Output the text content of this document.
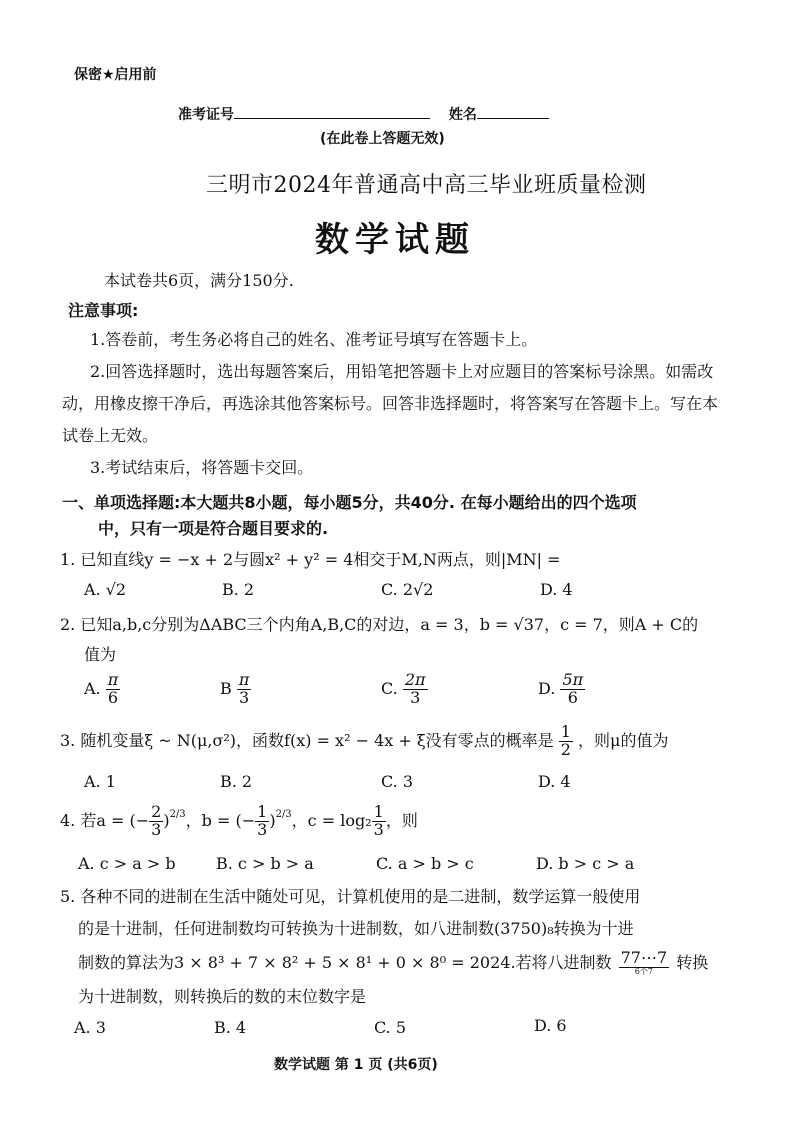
保密★启用前
准考证号	姓名
(在此卷上答题无效)
三明市2024年普通高中高三毕业班质量检测
数学试题
本试卷共6页，满分150分.
注意事项:
1.答卷前，考生务必将自己的姓名、准考证号填写在答题卡上。
2.回答选择题时，选出每题答案后，用铅笔把答题卡上对应题目的答案标号涂黑。如需改动，用橡皮擦干净后，再选涂其他答案标号。回答非选择题时，将答案写在答题卡上。写在本试卷上无效。
3.考试结束后，将答题卡交回。
一、单项选择题:本大题共8小题，每小题5分，共40分. 在每小题给出的四个选项
中，只有一项是符合题目要求的.
1. 已知直线y = −x + 2与圆x² + y² = 4相交于M,N两点，则|MN| =
A. √2	B. 2	C. 2√2	D. 4
2. 已知a,b,c分别为ΔABC三个内角A,B,C的对边，a = 3，b = √37，c = 7，则A + C的
值为
A. $\frac{\pi}{6}$	B $\frac{\pi}{3}$	C. $\frac{2\pi}{3}$	D. $\frac{5\pi}{6}$
3. 随机变量ξ ~ N(μ,σ²)，函数f(x) = x² − 4x + ξ没有零点的概率是 $\frac{1}{2}$ ，则μ的值为
A. 1	B. 2	C. 3	D. 4
4. 若a = (− $\frac{2}{3} )^{2/3}$，b = (− $\frac{1}{3} )^{2/3}$，$c = \log_2 \frac{1}{3}$ ，则
A. c > a > b	B. c > b > a	C. a > b > c	D. b > c > a
5. 各种不同的进制在生活中随处可见，计算机使用的是二进制，数学运算一般使用
的是十进制，任何进制数均可转换为十进制数，如八进制数(3750)₈转换为十进
制数的算法为3 × 8³ + 7 × 8² + 5 × 8¹ + 0 × 8⁰ = 2024.若将八进制数 $\frac{77\cdots 7}{\text{6个7}}$ 转换
为十进制数，则转换后的数的末位数字是
A. 3	B. 4	C. 5	D. 6
数学试题 第 1 页 (共6页)
